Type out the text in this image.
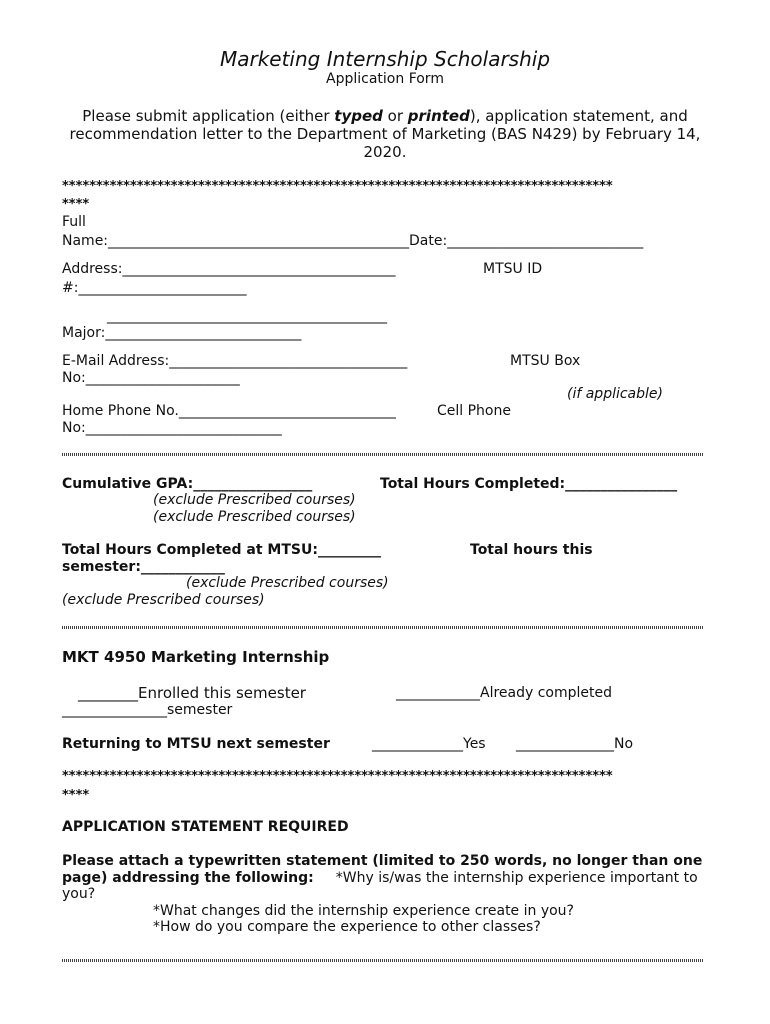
Marketing Internship Scholarship
Application Form
Please submit application (either typed or printed), application statement, and
recommendation letter to the Department of Marketing (BAS N429) by February 14,
2020.
*********************************************************************************
****
Full
Name:___________________________________________Date:____________________________
Address:_______________________________________	MTSU ID
#:________________________
________________________________________
Major:____________________________
E-Mail Address:__________________________________	MTSU Box
No:______________________
(if applicable)
Home Phone No._______________________________	Cell Phone
No:____________________________
Cumulative GPA:_________________	Total Hours Completed:________________
(exclude Prescribed courses)
(exclude Prescribed courses)
Total Hours Completed at MTSU:_________	Total hours this
semester:____________
(exclude Prescribed courses)
(exclude Prescribed courses)
MKT 4950 Marketing Internship
________Enrolled this semester	____________Already completed
_______________semester
Returning to MTSU next semester	_____________Yes ______________No
*********************************************************************************
****
APPLICATION STATEMENT REQUIRED
Please attach a typewritten statement (limited to 250 words, no longer than one
page) addressing the following: *Why is/was the internship experience important to
you?
*What changes did the internship experience create in you?
*How do you compare the experience to other classes?
